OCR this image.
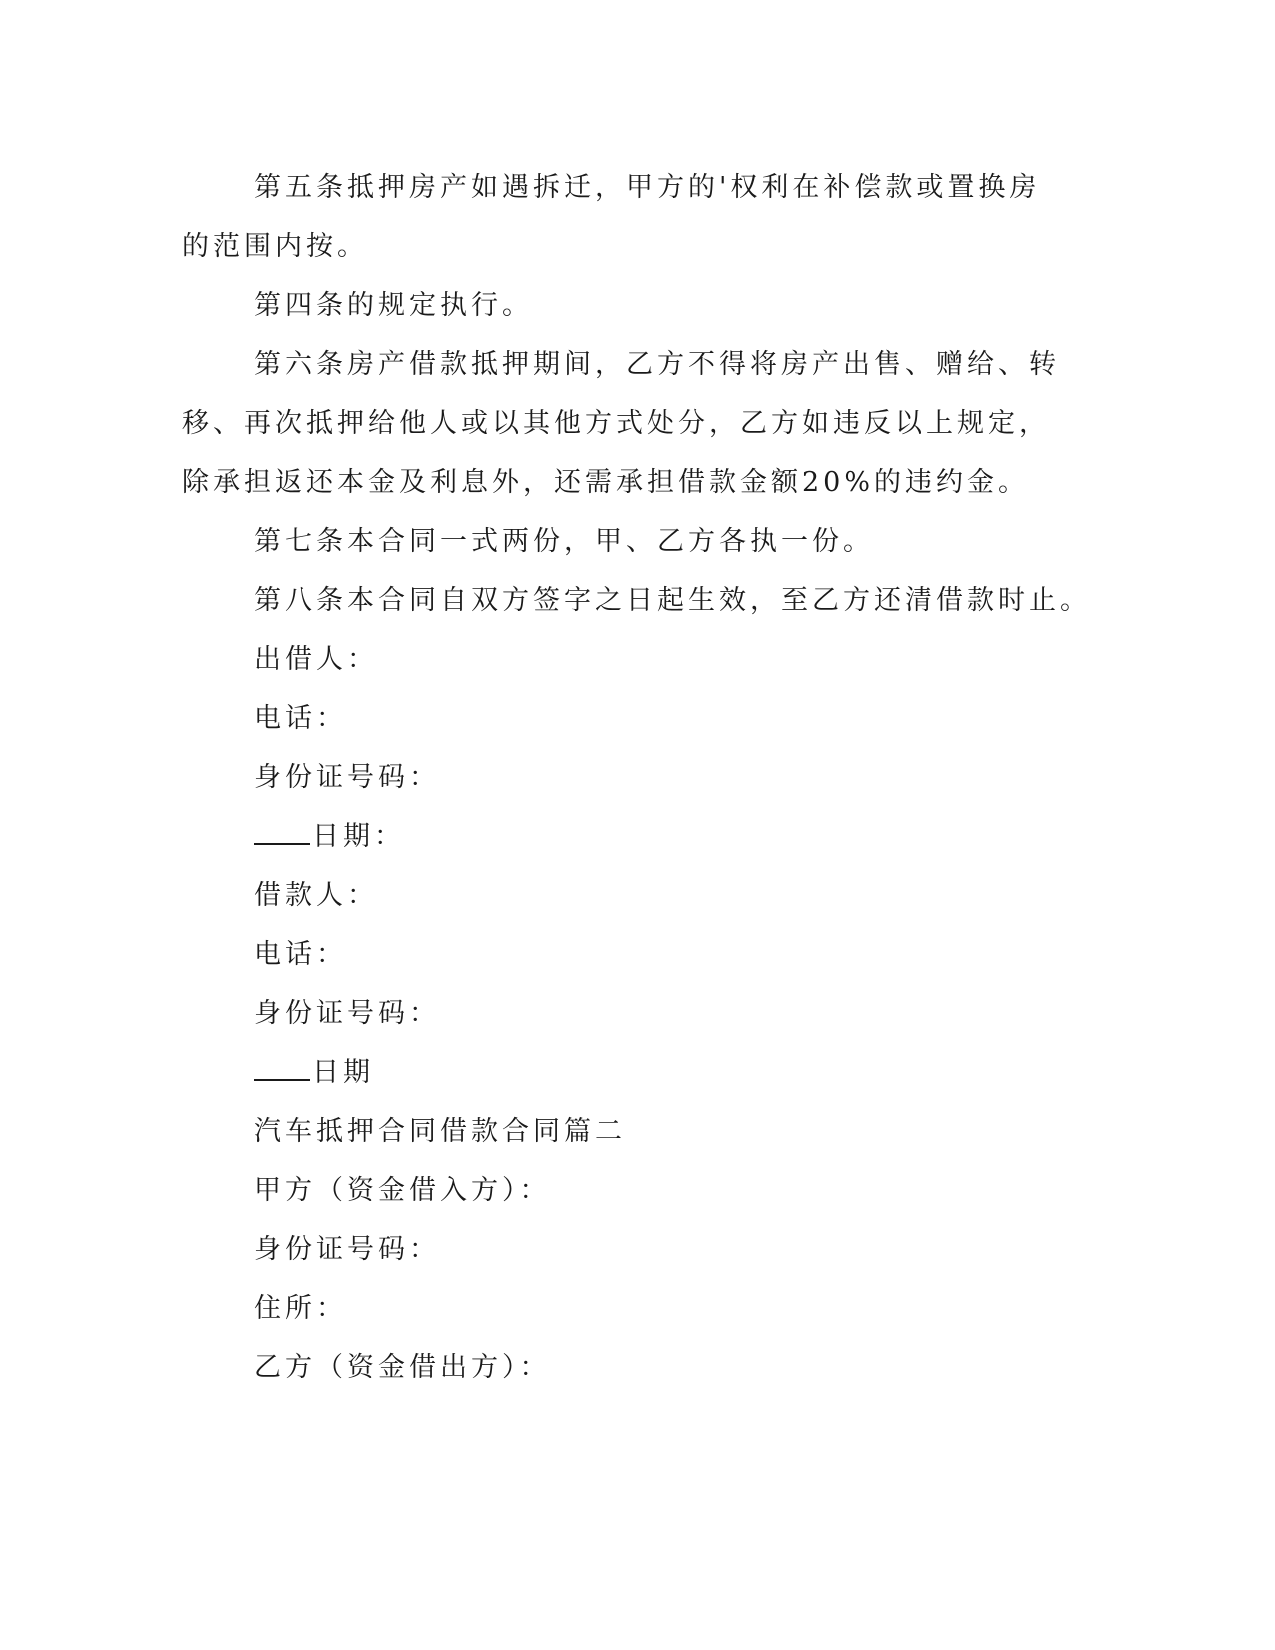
第五条抵押房产如遇拆迁，甲方的'权利在补偿款或置换房的范围内按。

第四条的规定执行。

第六条房产借款抵押期间，乙方不得将房产出售、赠给、转移、再次抵押给他人或以其他方式处分，乙方如违反以上规定，除承担返还本金及利息外，还需承担借款金额20%的违约金。

第七条本合同一式两份，甲、乙方各执一份。

第八条本合同自双方签字之日起生效，至乙方还清借款时止。

出借人：

电话：

身份证号码：

日期：

借款人：

电话：

身份证号码：

日期

汽车抵押合同借款合同篇二

甲方（资金借入方）：

身份证号码：

住所：

乙方（资金借出方）：
